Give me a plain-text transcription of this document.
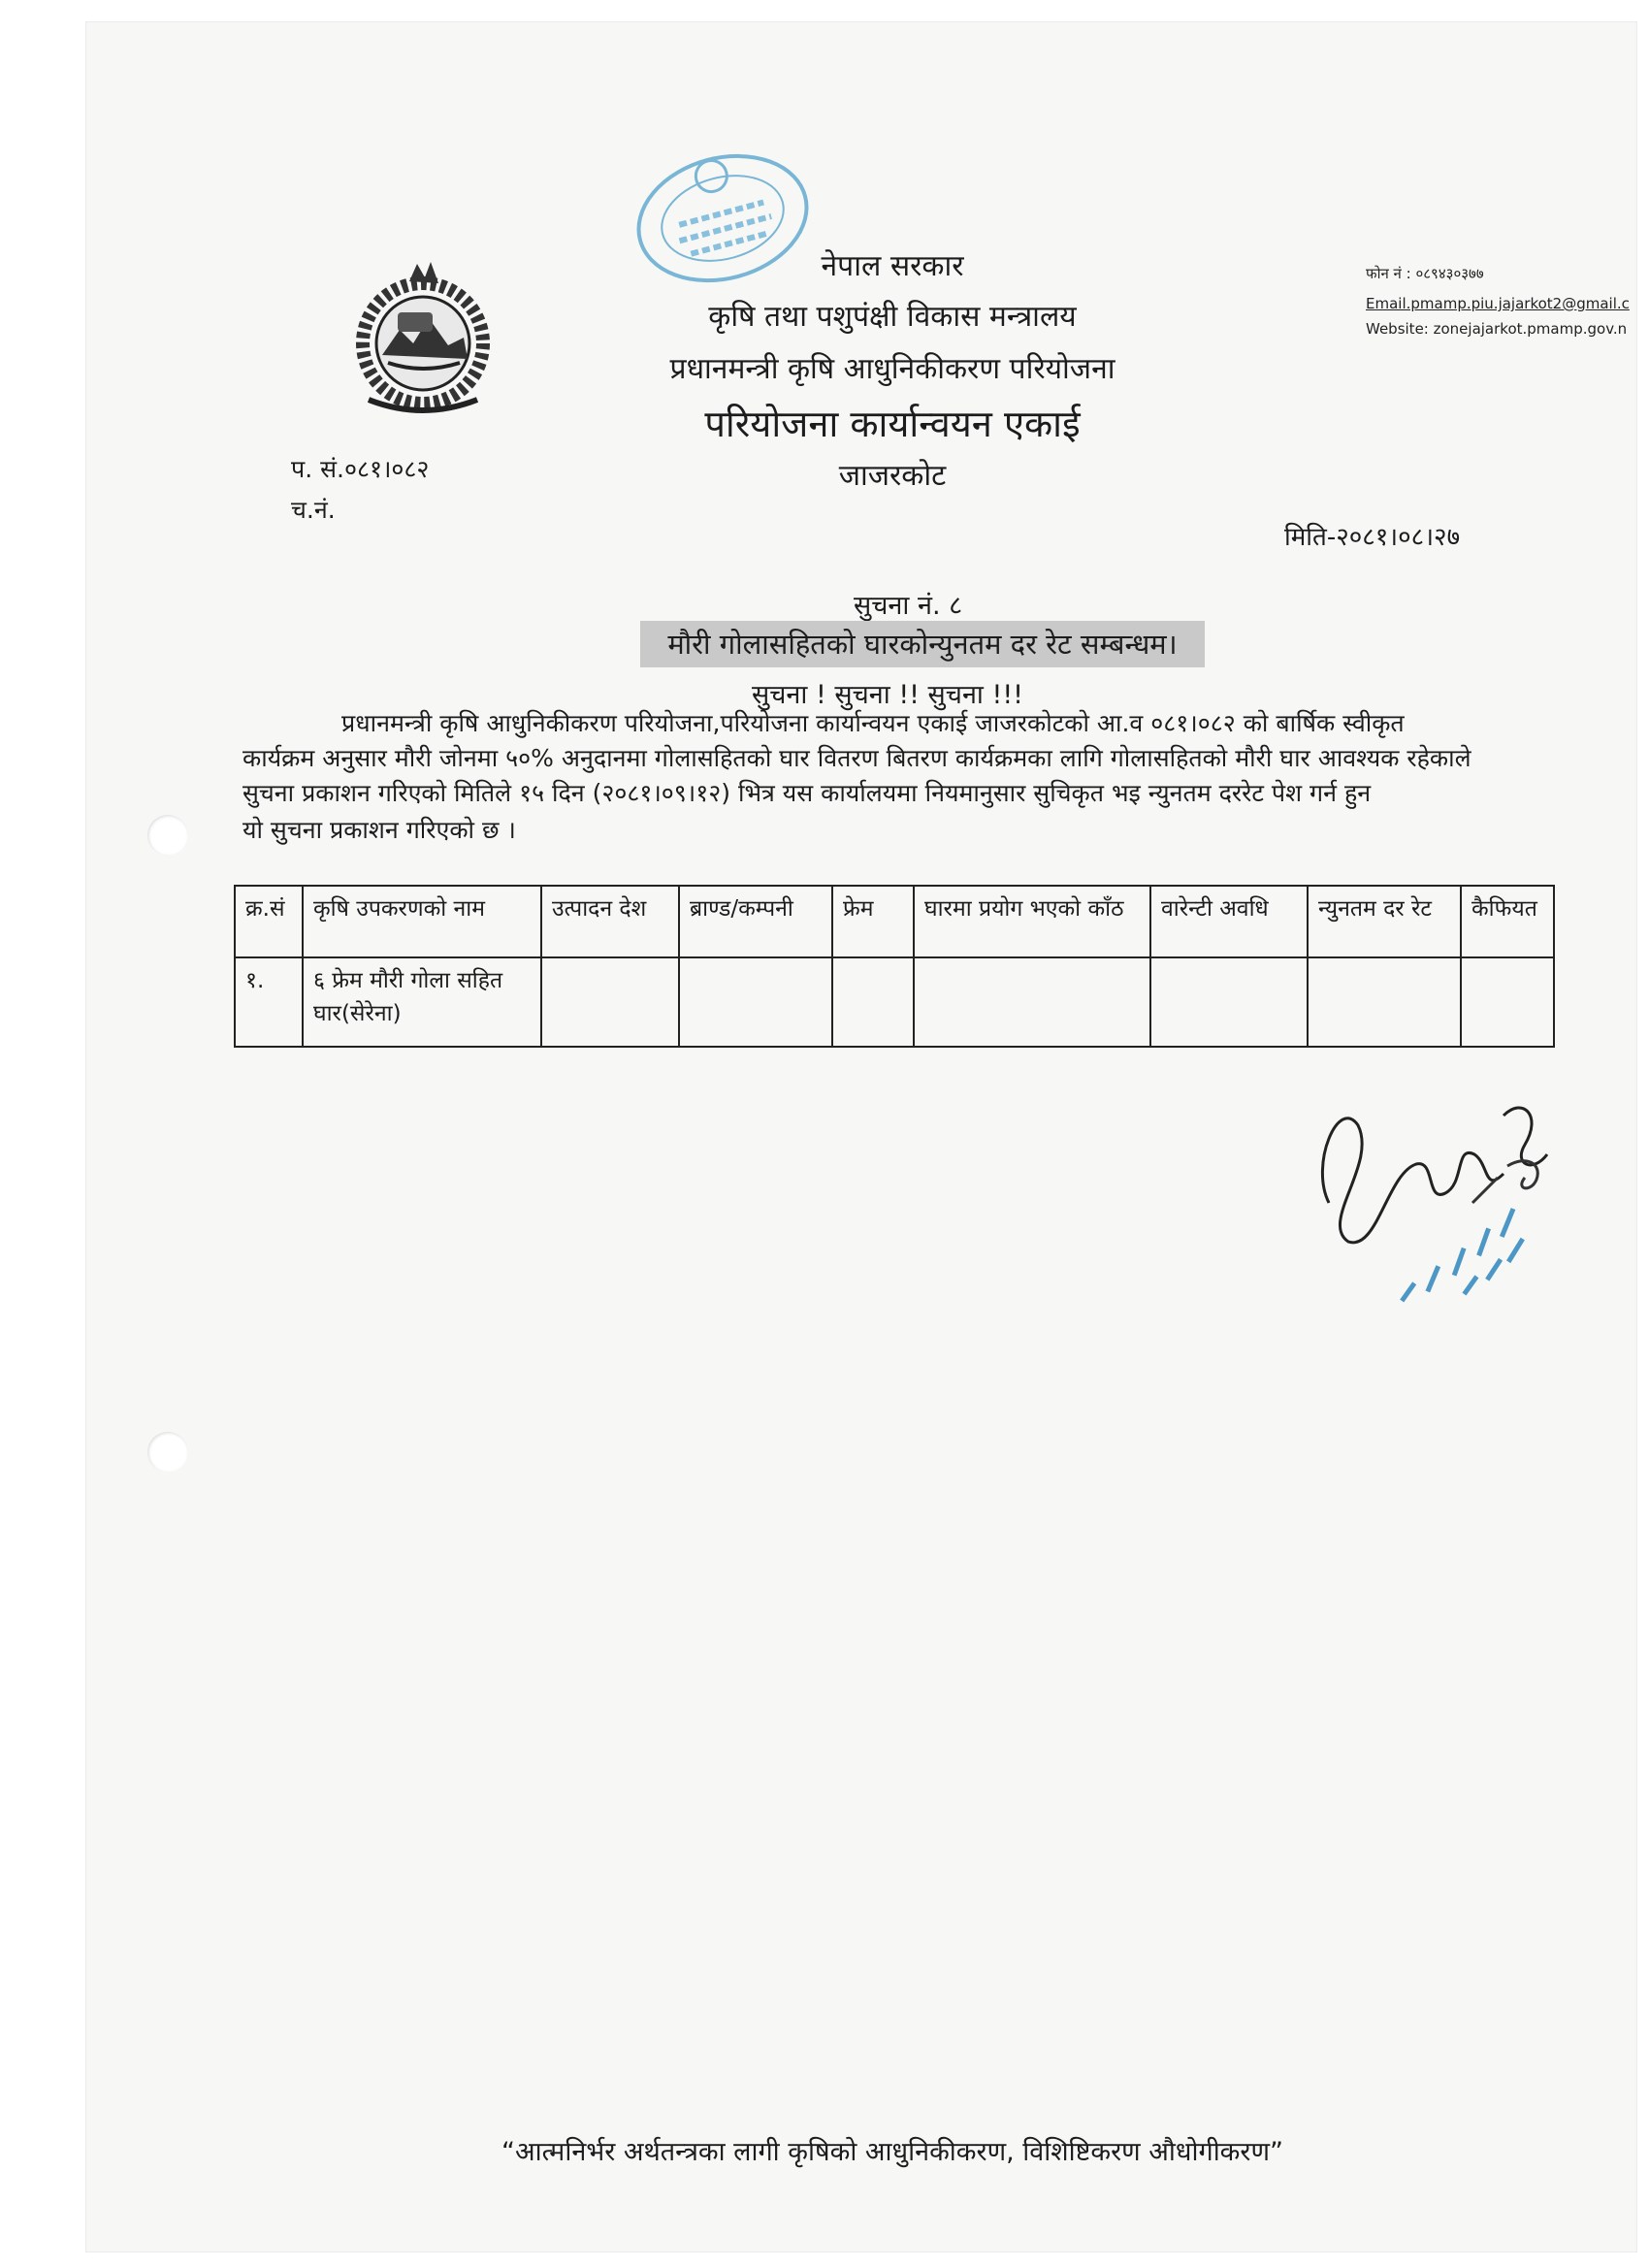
नेपाल सरकार
कृषि तथा पशुपंक्षी विकास मन्त्रालय
प्रधानमन्त्री कृषि आधुनिकीकरण परियोजना
परियोजना कार्यान्वयन एकाई
जाजरकोट
फोन नं : ०८९४३०३७७
Email.pmamp.piu.jajarkot2@gmail.c
Website: zonejajarkot.pmamp.gov.n
प. सं.०८१।०८२
च.नं.
मिति-२०८१।०८।२७
सुचना नं. ८
मौरी गोलासहितको घारकोन्युनतम दर रेट सम्बन्धम।
सुचना ! सुचना !! सुचना !!!
प्रधानमन्त्री कृषि आधुनिकीकरण परियोजना,परियोजना कार्यान्वयन एकाई जाजरकोटको आ.व ०८१।०८२ को बार्षिक स्वीकृत
कार्यक्रम अनुसार मौरी जोनमा ५०% अनुदानमा गोलासहितको घार वितरण बितरण कार्यक्रमका लागि गोलासहितको मौरी घार आवश्यक रहेकाले
सुचना प्रकाशन गरिएको मितिले १५ दिन (२०८१।०९।१२) भित्र यस कार्यालयमा नियमानुसार सुचिकृत भइ न्युनतम दररेट पेश गर्न हुन
यो सुचना प्रकाशन गरिएको छ ।
क्र.सं	कृषि उपकरणको नाम	उत्पादन देश	ब्राण्ड/कम्पनी	फ्रेम	घारमा प्रयोग भएको काँठ	वारेन्टी अवधि	न्युनतम दर रेट	कैफियत
१.	६ फ्रेम मौरी गोला सहित घार(सेरेना)							
“आत्मनिर्भर अर्थतन्त्रका लागी कृषिको आधुनिकीकरण, विशिष्टिकरण औधोगीकरण”
